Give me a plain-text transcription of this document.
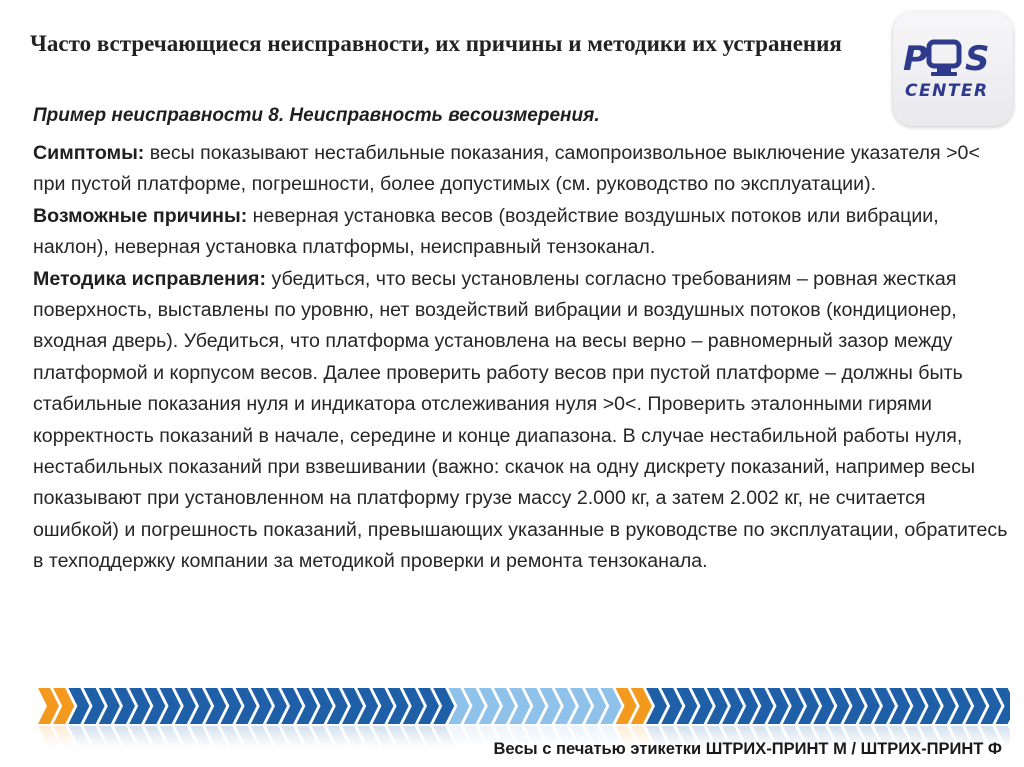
Часто встречающиеся неисправности, их причины и методики их устранения	P S
CENTER
Пример неисправности 8. Неисправность весоизмерения.

Симптомы: весы показывают нестабильные показания, самопроизвольное выключение указателя >0< при пустой платформе, погрешности, более допустимых (см. руководство по эксплуатации).

Возможные причины: неверная установка весов (воздействие воздушных потоков или вибрации, наклон), неверная установка платформы, неисправный тензоканал.

Методика исправления: убедиться, что весы установлены согласно требованиям – ровная жесткая поверхность, выставлены по уровню, нет воздействий вибрации и воздушных потоков (кондиционер, входная дверь). Убедиться, что платформа установлена на весы верно – равномерный зазор между платформой и корпусом весов. Далее проверить работу весов при пустой платформе – должны быть стабильные показания нуля и индикатора отслеживания нуля >0<. Проверить эталонными гирями корректность показаний в начале, середине и конце диапазона. В случае нестабильной работы нуля, нестабильных показаний при взвешивании (важно: скачок на одну дискрету показаний, например весы показывают при установленном на платформу грузе массу 2.000 кг, а затем 2.002 кг, не считается ошибкой) и погрешность показаний, превышающих указанные в руководстве по эксплуатации, обратитесь в техподдержку компании за методикой проверки и ремонта тензоканала.

Весы с печатью этикетки ШТРИХ-ПРИНТ М / ШТРИХ-ПРИНТ Ф
